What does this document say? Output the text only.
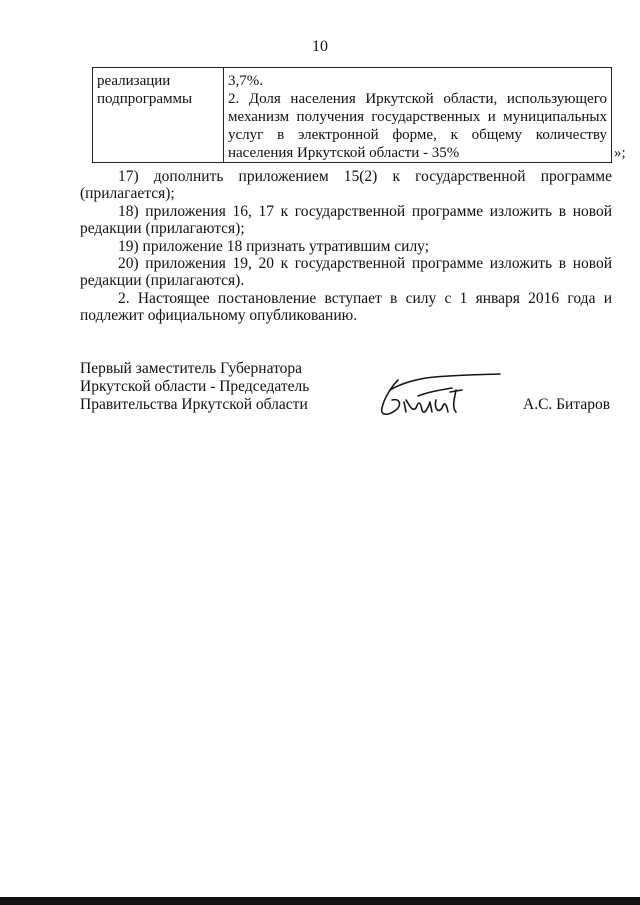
10
реализации
подпрограммы
3,7%.
2. Доля населения Иркутской области, использующего механизм получения государственных и муниципальных услуг в электронной форме, к общему количеству населения Иркутской области - 35%	»;

17) дополнить приложением 15(2) к государственной программе (прилагается);

18) приложения 16, 17 к государственной программе изложить в новой редакции (прилагаются);

19) приложение 18 признать утратившим силу;

20) приложения 19, 20 к государственной программе изложить в новой редакции (прилагаются).

2. Настоящее постановление вступает в силу с 1 января 2016 года и подлежит официальному опубликованию.

Первый заместитель Губернатора
Иркутской области - Председатель
Правительства Иркутской области	А.С. Битаров
